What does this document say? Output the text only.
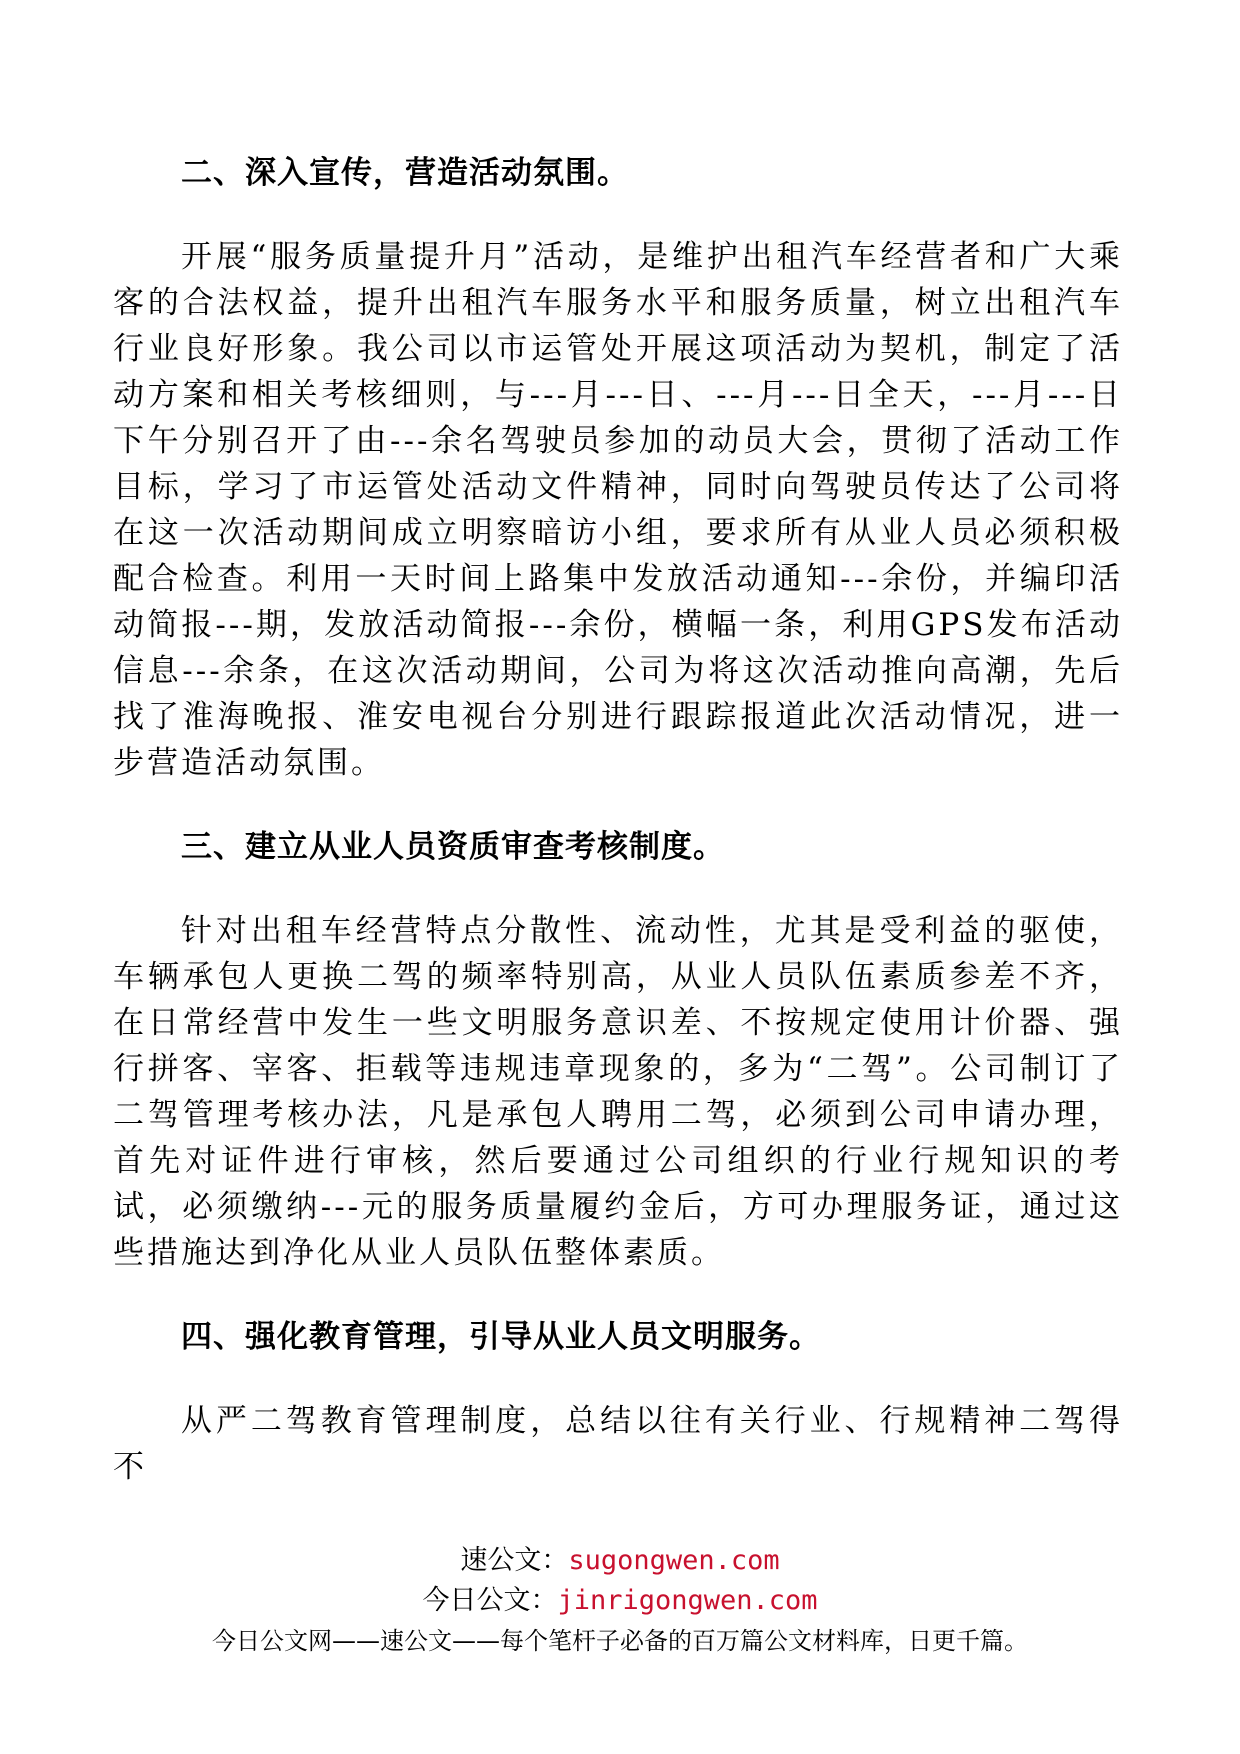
二、深入宣传，营造活动氛围。

开展“服务质量提升月”活动，是维护出租汽车经营者和广大乘客的合法权益，提升出租汽车服务水平和服务质量，树立出租汽车行业良好形象。我公司以市运管处开展这项活动为契机，制定了活动方案和相关考核细则，与---月---日、---月---日全天，---月---日下午分别召开了由---余名驾驶员参加的动员大会，贯彻了活动工作目标，学习了市运管处活动文件精神，同时向驾驶员传达了公司将在这一次活动期间成立明察暗访小组，要求所有从业人员必须积极配合检查。利用一天时间上路集中发放活动通知---余份，并编印活动简报---期，发放活动简报---余份，横幅一条，利用GPS发布活动信息---余条，在这次活动期间，公司为将这次活动推向高潮，先后找了淮海晚报、淮安电视台分别进行跟踪报道此次活动情况，进一步营造活动氛围。

三、建立从业人员资质审查考核制度。

针对出租车经营特点分散性、流动性，尤其是受利益的驱使，车辆承包人更换二驾的频率特别高，从业人员队伍素质参差不齐，在日常经营中发生一些文明服务意识差、不按规定使用计价器、强行拼客、宰客、拒载等违规违章现象的，多为“二驾”。公司制订了二驾管理考核办法，凡是承包人聘用二驾，必须到公司申请办理，首先对证件进行审核，然后要通过公司组织的行业行规知识的考试，必须缴纳---元的服务质量履约金后，方可办理服务证，通过这些措施达到净化从业人员队伍整体素质。

四、强化教育管理，引导从业人员文明服务。

从严二驾教育管理制度，总结以往有关行业、行规精神二驾得不

速公文：sugongwen.com
今日公文：jinrigongwen.com
今日公文网——速公文——每个笔杆子必备的百万篇公文材料库，日更千篇。
